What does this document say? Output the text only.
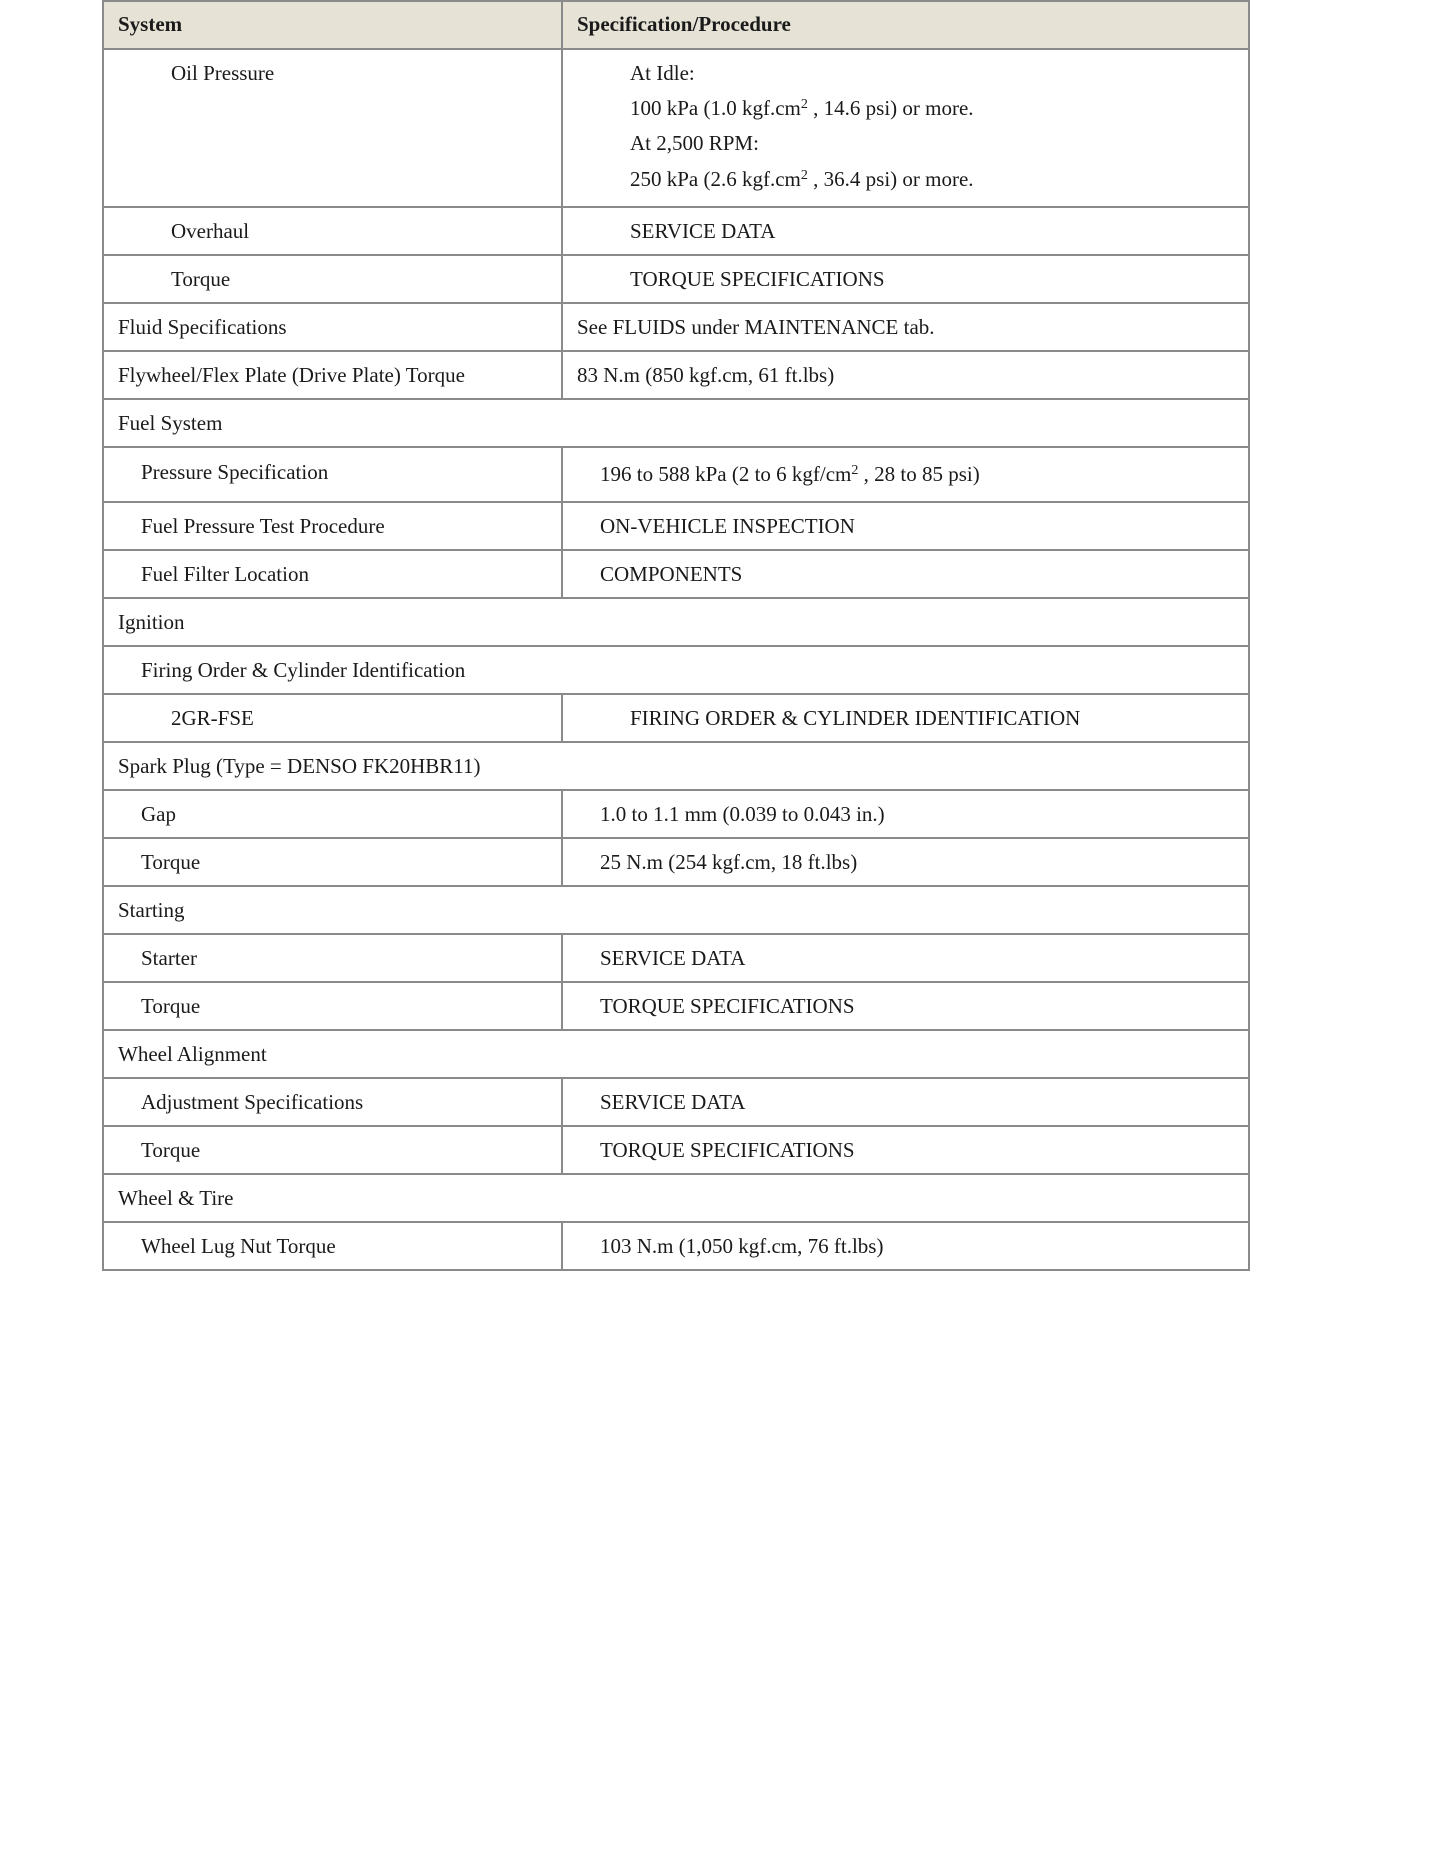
System	Specification/Procedure
Oil Pressure	At Idle:
100 kPa (1.0 $kgf.cm^2$ , 14.6 psi) or more.
At 2,500 RPM:
250 kPa (2.6 $kgf.cm^2$ , 36.4 psi) or more.

Overhaul	SERVICE DATA
Torque	TORQUE SPECIFICATIONS
Fluid Specifications	See FLUIDS under MAINTENANCE tab.
Flywheel/Flex Plate (Drive Plate) Torque	83 N.m (850 kgf.cm, 61 ft.lbs)
Fuel System	
Pressure Specification	196 to 588 kPa (2 to 6 kgf/$cm^2$ , 28 to 85 psi)
Fuel Pressure Test Procedure	ON-VEHICLE INSPECTION
Fuel Filter Location	COMPONENTS
Ignition	
Firing Order & Cylinder Identification	
2GR-FSE	FIRING ORDER & CYLINDER IDENTIFICATION
Spark Plug (Type = DENSO FK20HBR11)	
Gap	1.0 to 1.1 mm (0.039 to 0.043 in.)
Torque	25 N.m (254 kgf.cm, 18 ft.lbs)
Starting	
Starter	SERVICE DATA
Torque	TORQUE SPECIFICATIONS
Wheel Alignment	
Adjustment Specifications	SERVICE DATA
Torque	TORQUE SPECIFICATIONS
Wheel & Tire	
Wheel Lug Nut Torque	103 N.m (1,050 kgf.cm, 76 ft.lbs)
